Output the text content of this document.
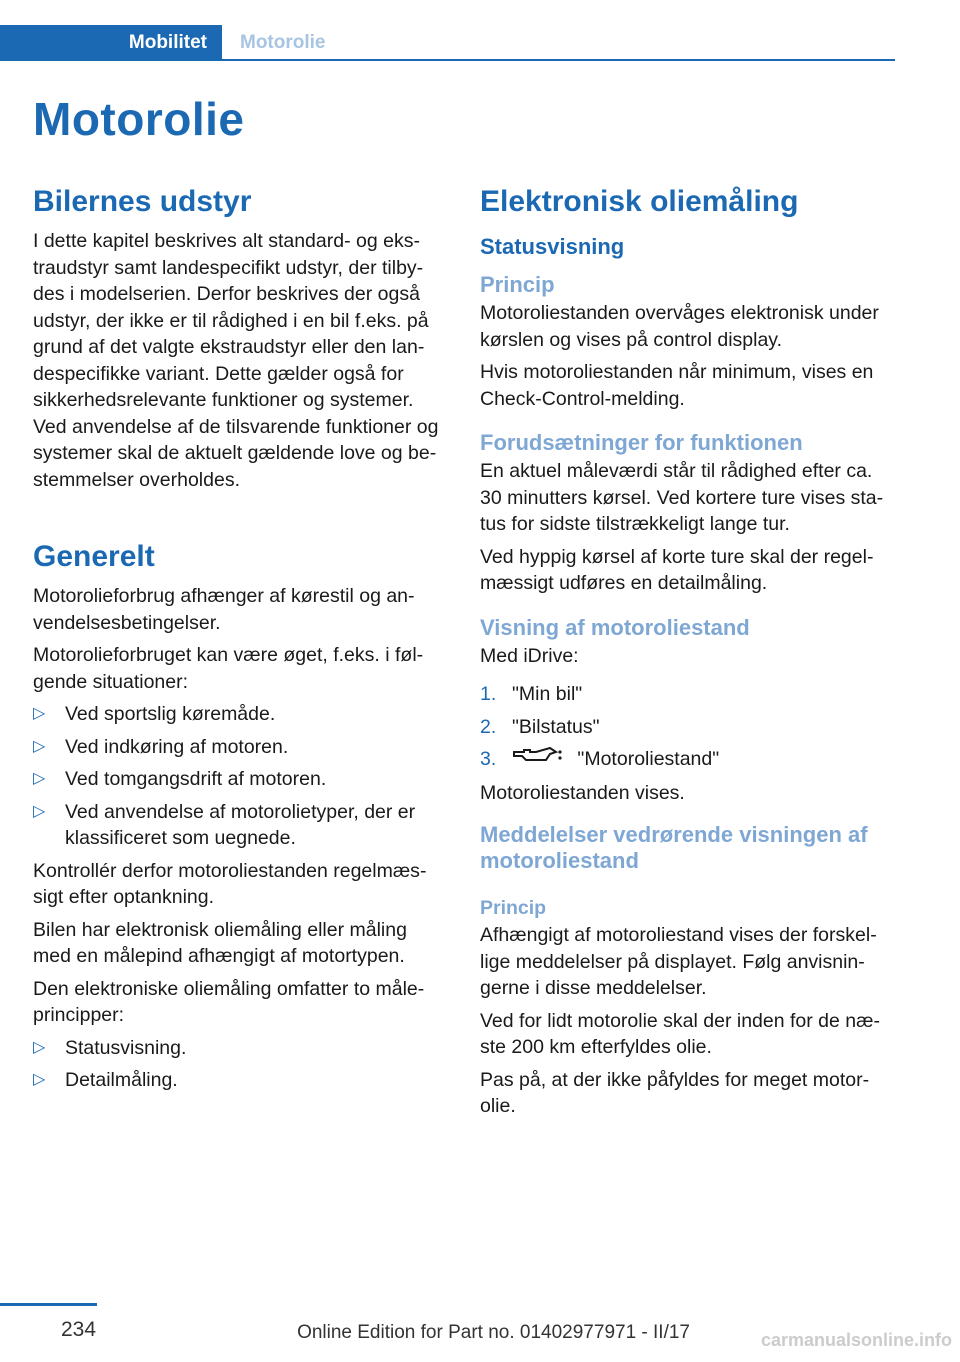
Mobilitet Motorolie
Motorolie
Bilernes udstyr

I dette kapitel beskrives alt standard- og ekstraudstyr samt landespecifikt udstyr, der tilbydes i modelserien. Derfor beskrives der også udstyr, der ikke er til rådighed i en bil f.eks. på grund af det valgte ekstraudstyr eller den landespecifikke variant. Dette gælder også for sikkerhedsrelevante funktioner og systemer. Ved anvendelse af de tilsvarende funktioner og systemer skal de aktuelt gældende love og bestemmelser overholdes.

Generelt

Motorolieforbrug afhænger af kørestil og anvendelsesbetingelser.

Motorolieforbruget kan være øget, f.eks. i følgende situationer:

▷ Ved sportslig køremåde.
▷ Ved indkøring af motoren.
▷ Ved tomgangsdrift af motoren.
▷ Ved anvendelse af motorolietyper, der er klassificeret som uegnede.

Kontrollér derfor motoroliestanden regelmæssigt efter optankning.

Bilen har elektronisk oliemåling eller måling med en målepind afhængigt af motortypen.

Den elektroniske oliemåling omfatter to måleprincipper:

▷ Statusvisning.
▷ Detailmåling.
Elektronisk oliemåling
Statusvisning
Princip

Motoroliestanden overvåges elektronisk under kørslen og vises på control display.

Hvis motoroliestanden når minimum, vises en Check-Control-melding.

Forudsætninger for funktionen

En aktuel måleværdi står til rådighed efter ca. 30 minutters kørsel. Ved kortere ture vises status for sidste tilstrækkeligt lange tur.

Ved hyppig kørsel af korte ture skal der regelmæssigt udføres en detailmåling.

Visning af motoroliestand

Med iDrive:

1. "Min bil"
2. "Bilstatus"
3.	"Motoroliestand"

Motoroliestanden vises.

Meddelelser vedrørende visningen af motoroliestand
Princip

Afhængigt af motoroliestand vises der forskellige meddelelser på displayet. Følg anvisningerne i disse meddelelser.

Ved for lidt motorolie skal der inden for de næste 200 km efterfyldes olie.

Pas på, at der ikke påfyldes for meget motorolie.

234	Online Edition for Part no. 01402977971 - II/17	carmanualsonline.info
